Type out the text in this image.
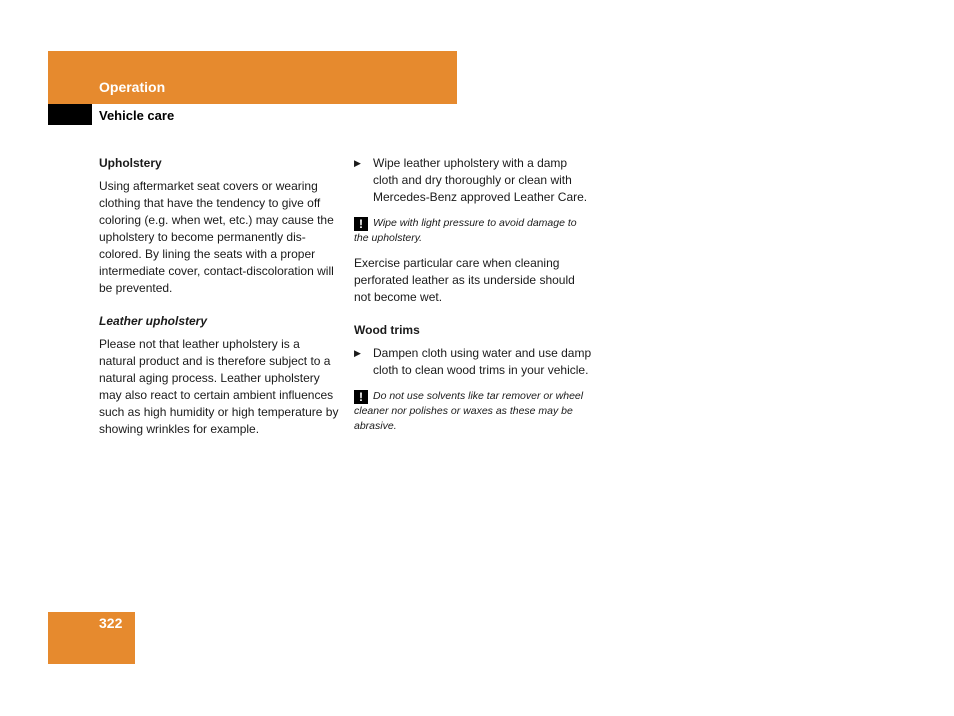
Operation
Vehicle care

Upholstery

Using aftermarket seat covers or wearing clothing that have the tendency to give off coloring (e.g. when wet, etc.) may cause the upholstery to become permanently dis-colored. By lining the seats with a proper intermediate cover, contact-discoloration will be prevented.

Leather upholstery

Please not that leather upholstery is a natural product and is therefore subject to a natural aging process. Leather upholstery may also react to certain ambient influences such as high humidity or high temperature by showing wrinkles for example.

▶	Wipe leather upholstery with a damp cloth and dry thoroughly or clean with Mercedes-Benz approved Leather Care.

! Wipe with light pressure to avoid damage to the upholstery.

Exercise particular care when cleaning perforated leather as its underside should not become wet.

Wood trims

▶	Dampen cloth using water and use damp cloth to clean wood trims in your vehicle.

! Do not use solvents like tar remover or wheel cleaner nor polishes or waxes as these may be abrasive.

322
